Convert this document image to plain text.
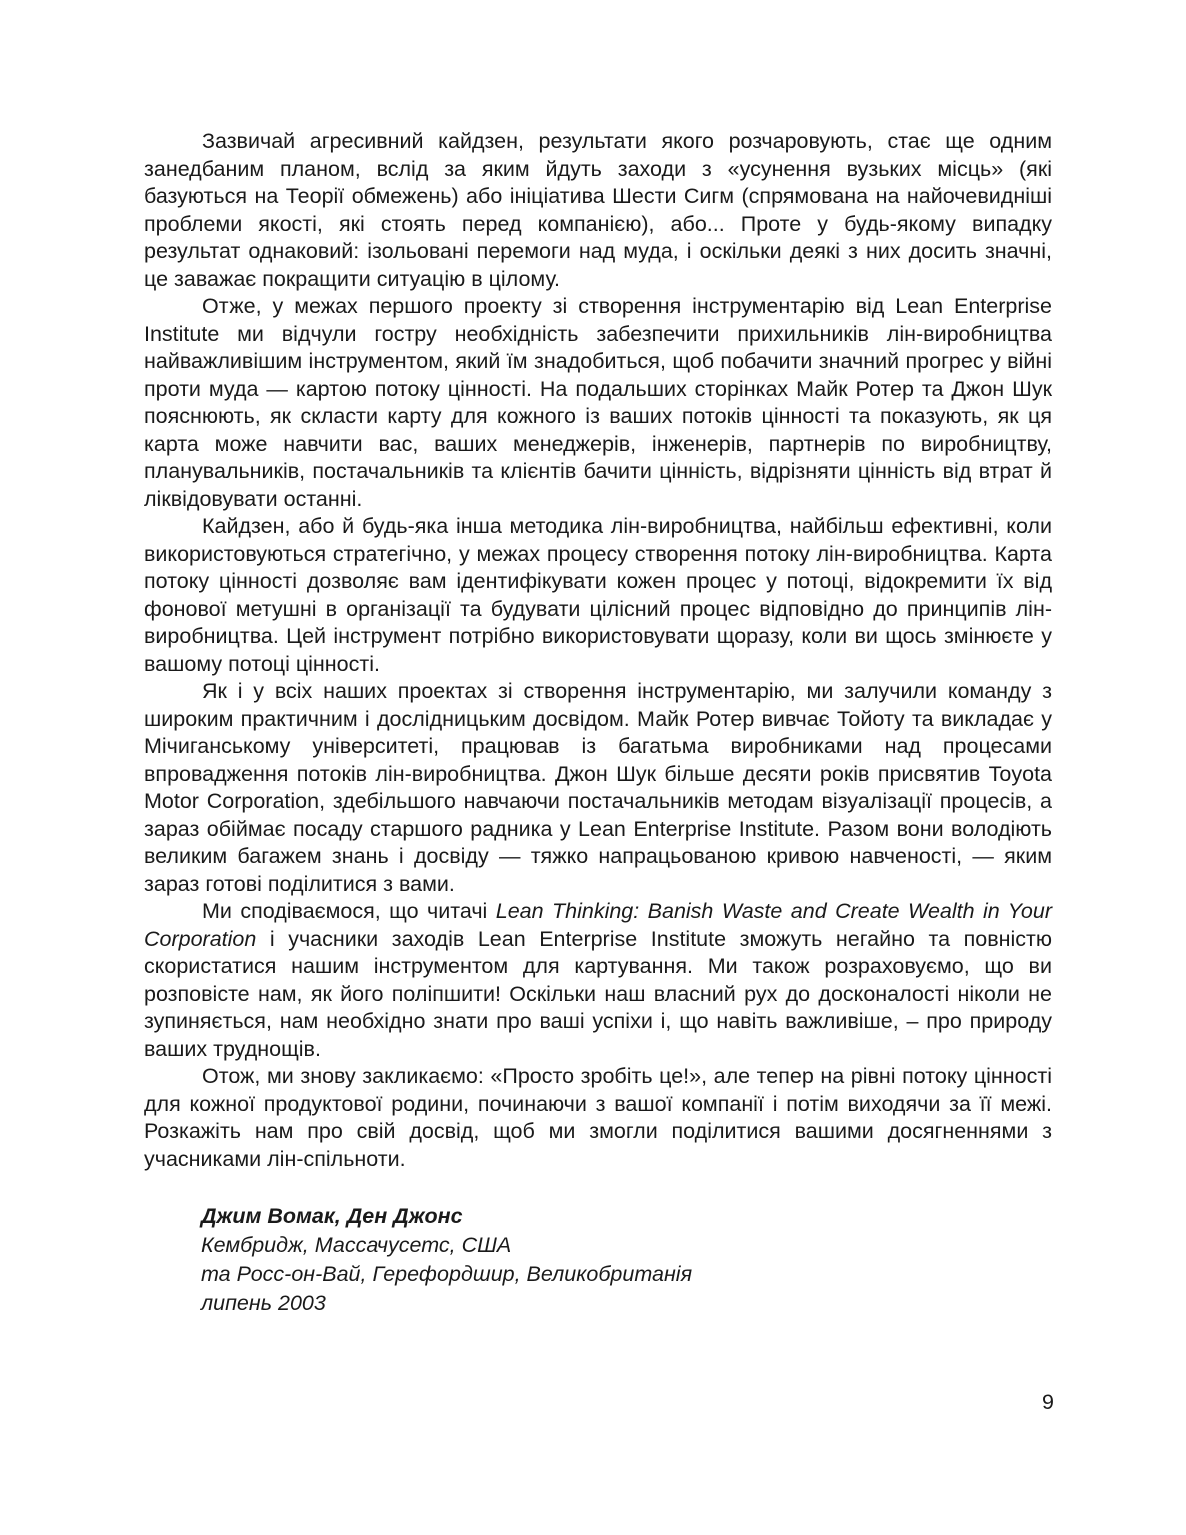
Зазвичай агресивний кайдзен, результати якого розчаровують, стає ще одним занедбаним планом, вслід за яким йдуть заходи з «усунення вузьких місць» (які базуються на Теорії обмежень) або ініціатива Шести Сигм (спрямована на найочевидніші проблеми якості, які стоять перед компанією), або... Проте у будь-якому випадку результат однаковий: ізольовані перемоги над муда, і оскільки деякі з них досить значні, це заважає покращити ситуацію в цілому.

Отже, у межах першого проекту зі створення інструментарію від Lean Enterprise Institute ми відчули гостру необхідність забезпечити прихильників лін-виробництва найважливішим інструментом, який їм знадобиться, щоб побачити значний прогрес у війні проти муда — картою потоку цінності. На подальших сторінках Майк Ротер та Джон Шук пояснюють, як скласти карту для кожного із ваших потоків цінності та показують, як ця карта може навчити вас, ваших менеджерів, інженерів, партнерів по виробництву, планувальників, постачальників та клієнтів бачити цінність, відрізняти цінність від втрат й ліквідовувати останні.

Кайдзен, або й будь-яка інша методика лін-виробництва, найбільш ефективні, коли використовуються стратегічно, у межах процесу створення потоку лін-виробництва. Карта потоку цінності дозволяє вам ідентифікувати кожен процес у потоці, відокремити їх від фонової метушні в організації та будувати цілісний процес відповідно до принципів лін-виробництва. Цей інструмент потрібно використовувати щоразу, коли ви щось змінюєте у вашому потоці цінності.

Як і у всіх наших проектах зі створення інструментарію, ми залучили команду з широким практичним і дослідницьким досвідом. Майк Ротер вивчає Тойоту та викладає у Мічиганському університеті, працював із багатьма виробниками над процесами впровадження потоків лін-виробництва. Джон Шук більше десяти років присвятив Toyota Motor Corporation, здебільшого навчаючи постачальників методам візуалізації процесів, а зараз обіймає посаду старшого радника у Lean Enterprise Institute. Разом вони володіють великим багажем знань і досвіду — тяжко напрацьованою кривою навченості, — яким зараз готові поділитися з вами.

Ми сподіваємося, що читачі Lean Thinking: Banish Waste and Create Wealth in Your Corporation і учасники заходів Lean Enterprise Institute зможуть негайно та повністю скористатися нашим інструментом для картування. Ми також розраховуємо, що ви розповісте нам, як його поліпшити! Оскільки наш власний рух до досконалості ніколи не зупиняється, нам необхідно знати про ваші успіхи і, що навіть важливіше, – про природу ваших труднощів.

Отож, ми знову закликаємо: «Просто зробіть це!», але тепер на рівні потоку цінності для кожної продуктової родини, починаючи з вашої компанії і потім виходячи за її межі. Розкажіть нам про свій досвід, щоб ми змогли поділитися вашими досягненнями з учасниками лін-спільноти.

Джим Вомак, Ден Джонс
Кембридж, Массачусетс, США
та Росс-он-Вай, Герефордшир, Великобританія
липень 2003
9
